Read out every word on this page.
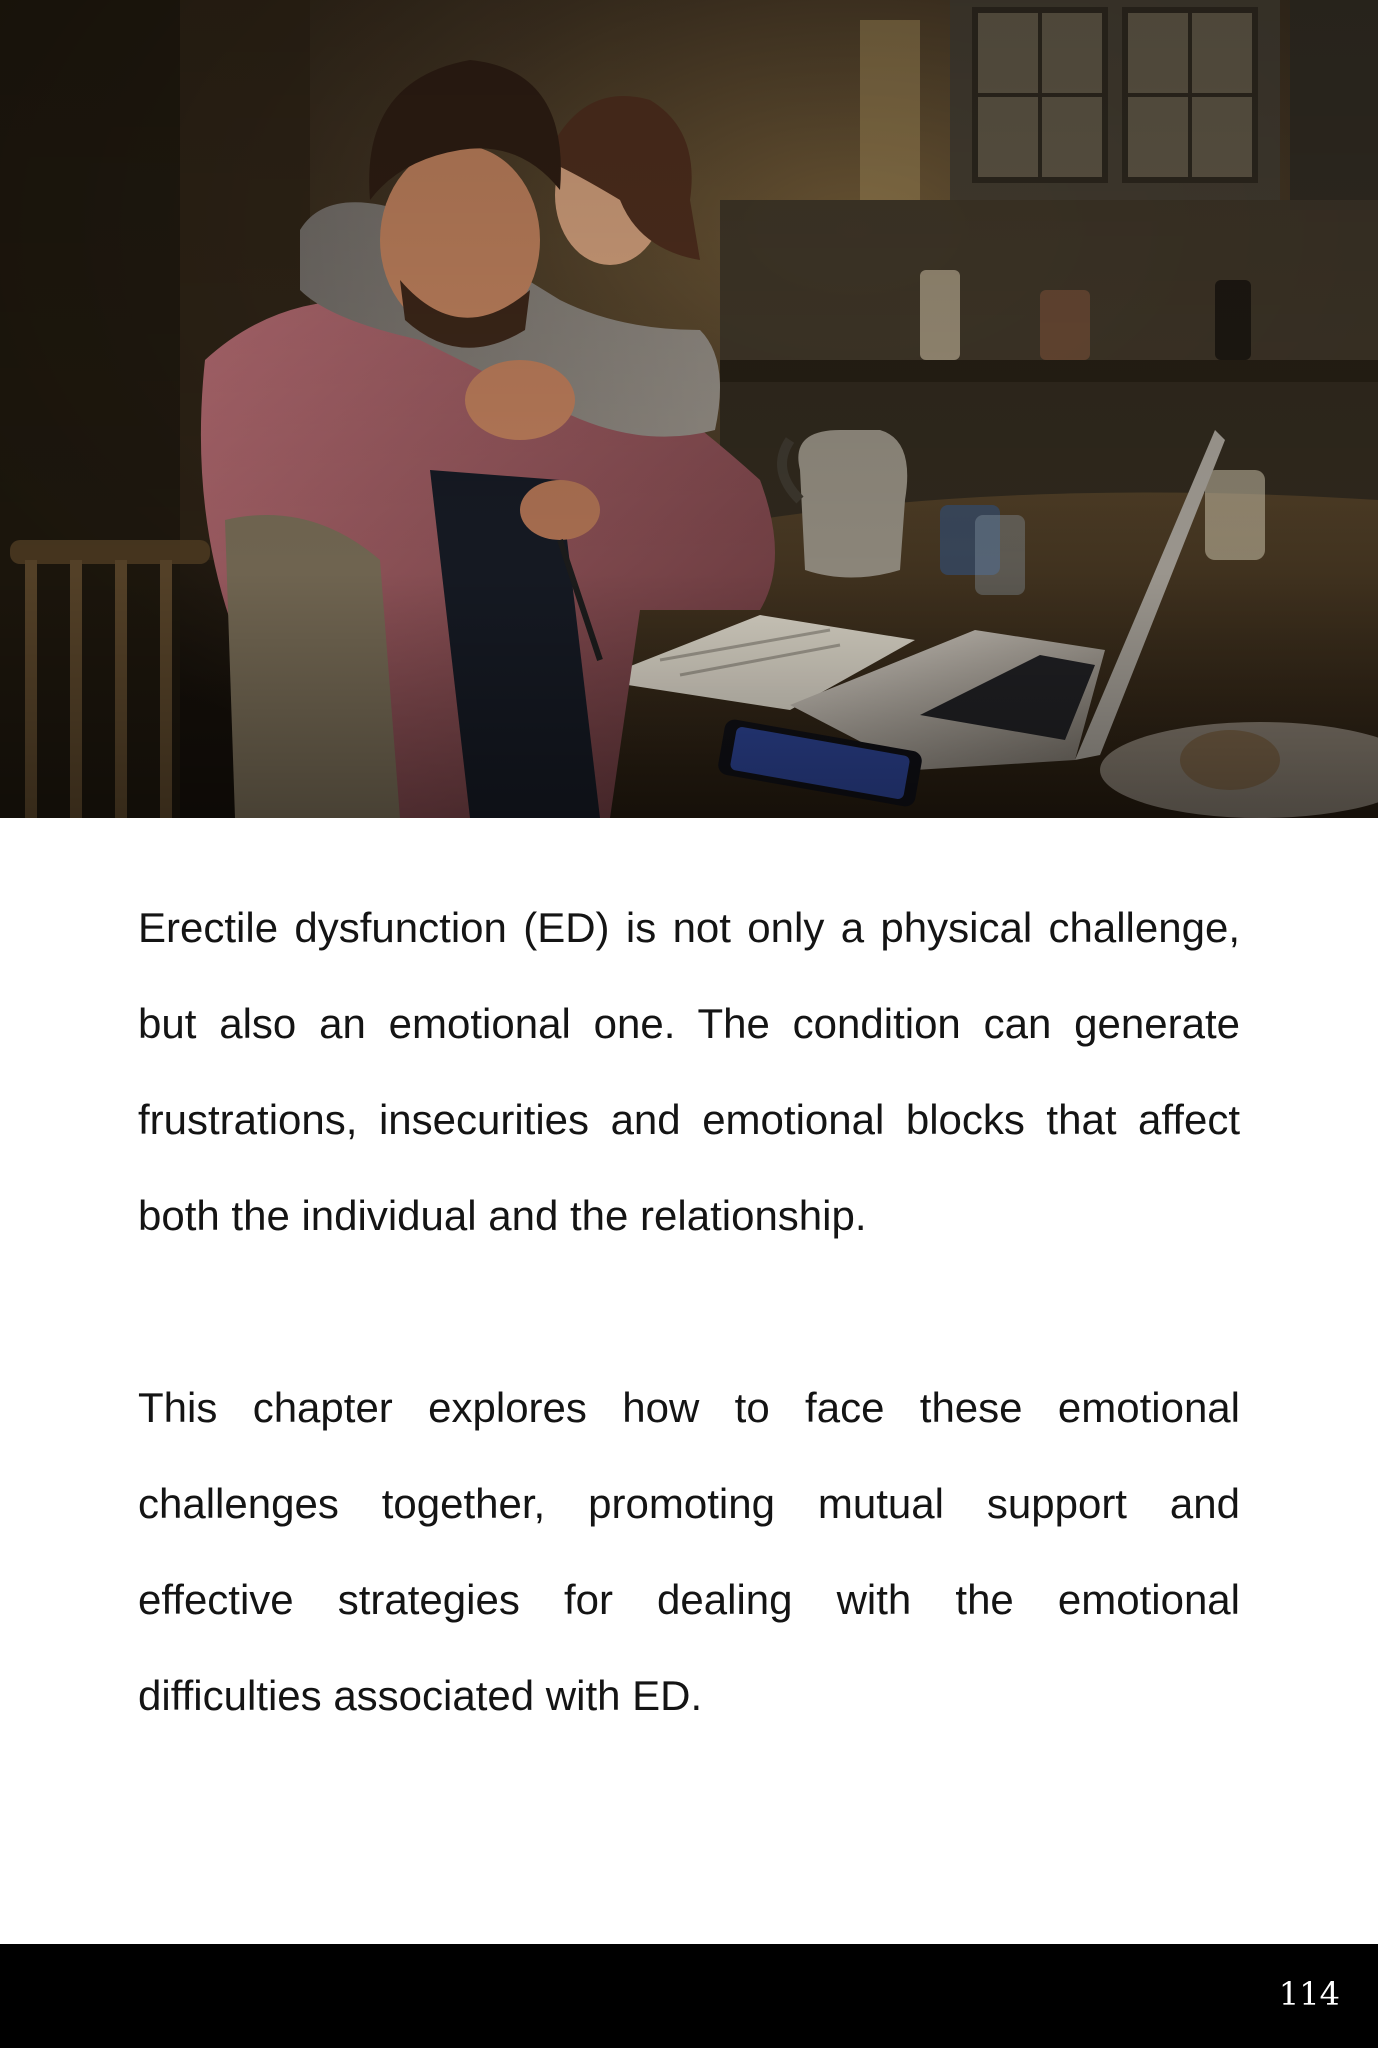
Erectile dysfunction (ED) is not only a physical challenge, but also an emotional one. The condition can generate frustrations, insecurities and emotional blocks that affect both the individual and the relationship.

This chapter explores how to face these emotional challenges together, promoting mutual support and effective strategies for dealing with the emotional difficulties associated with ED.

114
